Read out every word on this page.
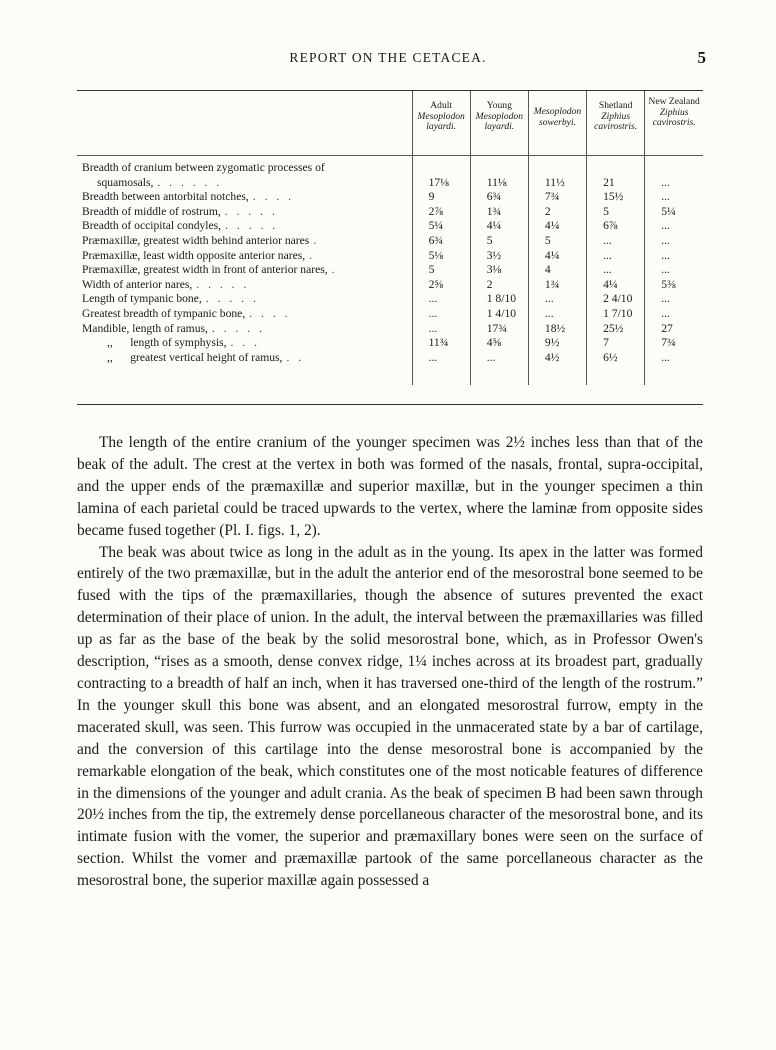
REPORT ON THE CETACEA.	5
	Adult
Mesoplodon
layardi.	Young
Mesoplodon
layardi.	Mesoplodon
sowerbyi.	Shetland
Ziphius
cavirostris.	New Zealand
Ziphius
cavirostris.

Breadth of cranium between zygomatic processes of					

squamosals, . . . . . .	17⅛	11⅛	11½	21	...

Breadth between antorbital notches, . . . .	9	6¾	7¾	15½	...

Breadth of middle of rostrum, . . . . .	2⅞	1¾	2	5	5¼

Breadth of occipital condyles, . . . . .	5¼	4¼	4¼	6⅞	...

Præmaxillæ, greatest width behind anterior nares .	6¾	5	5	...	...

Præmaxillæ, least width opposite anterior nares, .	5⅛	3½	4¼	...	...

Præmaxillæ, greatest width in front of anterior nares, .	5	3⅛	4	...	...

Width of anterior nares, . . . . .	2⅝	2	1¾	4¼	5⅜

Length of tympanic bone, . . . . .	...	1 8/10	...	2 4/10	...

Greatest breadth of tympanic bone, . . . .	...	1 4/10	...	1 7/10	...

Mandible, length of ramus, . . . . .	...	17¾	18½	25½	27

,,      length of symphysis, . . .	11¾	4⅝	9½	7	7¾

,,      greatest vertical height of ramus, . .	...	...	4½	6½	...

The length of the entire cranium of the younger specimen was 2½ inches less than that of the beak of the adult. The crest at the vertex in both was formed of the nasals, frontal, supra-occipital, and the upper ends of the præmaxillæ and superior maxillæ, but in the younger specimen a thin lamina of each parietal could be traced upwards to the vertex, where the laminæ from opposite sides became fused together (Pl. I. figs. 1, 2).

The beak was about twice as long in the adult as in the young. Its apex in the latter was formed entirely of the two præmaxillæ, but in the adult the anterior end of the mesorostral bone seemed to be fused with the tips of the præmaxillaries, though the absence of sutures prevented the exact determination of their place of union. In the adult, the interval between the præmaxillaries was filled up as far as the base of the beak by the solid mesorostral bone, which, as in Professor Owen's description, “rises as a smooth, dense convex ridge, 1¼ inches across at its broadest part, gradually contracting to a breadth of half an inch, when it has traversed one-third of the length of the rostrum.” In the younger skull this bone was absent, and an elongated mesorostral furrow, empty in the macerated skull, was seen. This furrow was occupied in the unmacerated state by a bar of cartilage, and the conversion of this cartilage into the dense mesorostral bone is accompanied by the remarkable elongation of the beak, which constitutes one of the most noticable features of difference in the dimensions of the younger and adult crania. As the beak of specimen B had been sawn through 20½ inches from the tip, the extremely dense porcellaneous character of the mesorostral bone, and its intimate fusion with the vomer, the superior and præmaxillary bones were seen on the surface of section. Whilst the vomer and præmaxillæ partook of the same porcellaneous character as the mesorostral bone, the superior maxillæ again possessed a
